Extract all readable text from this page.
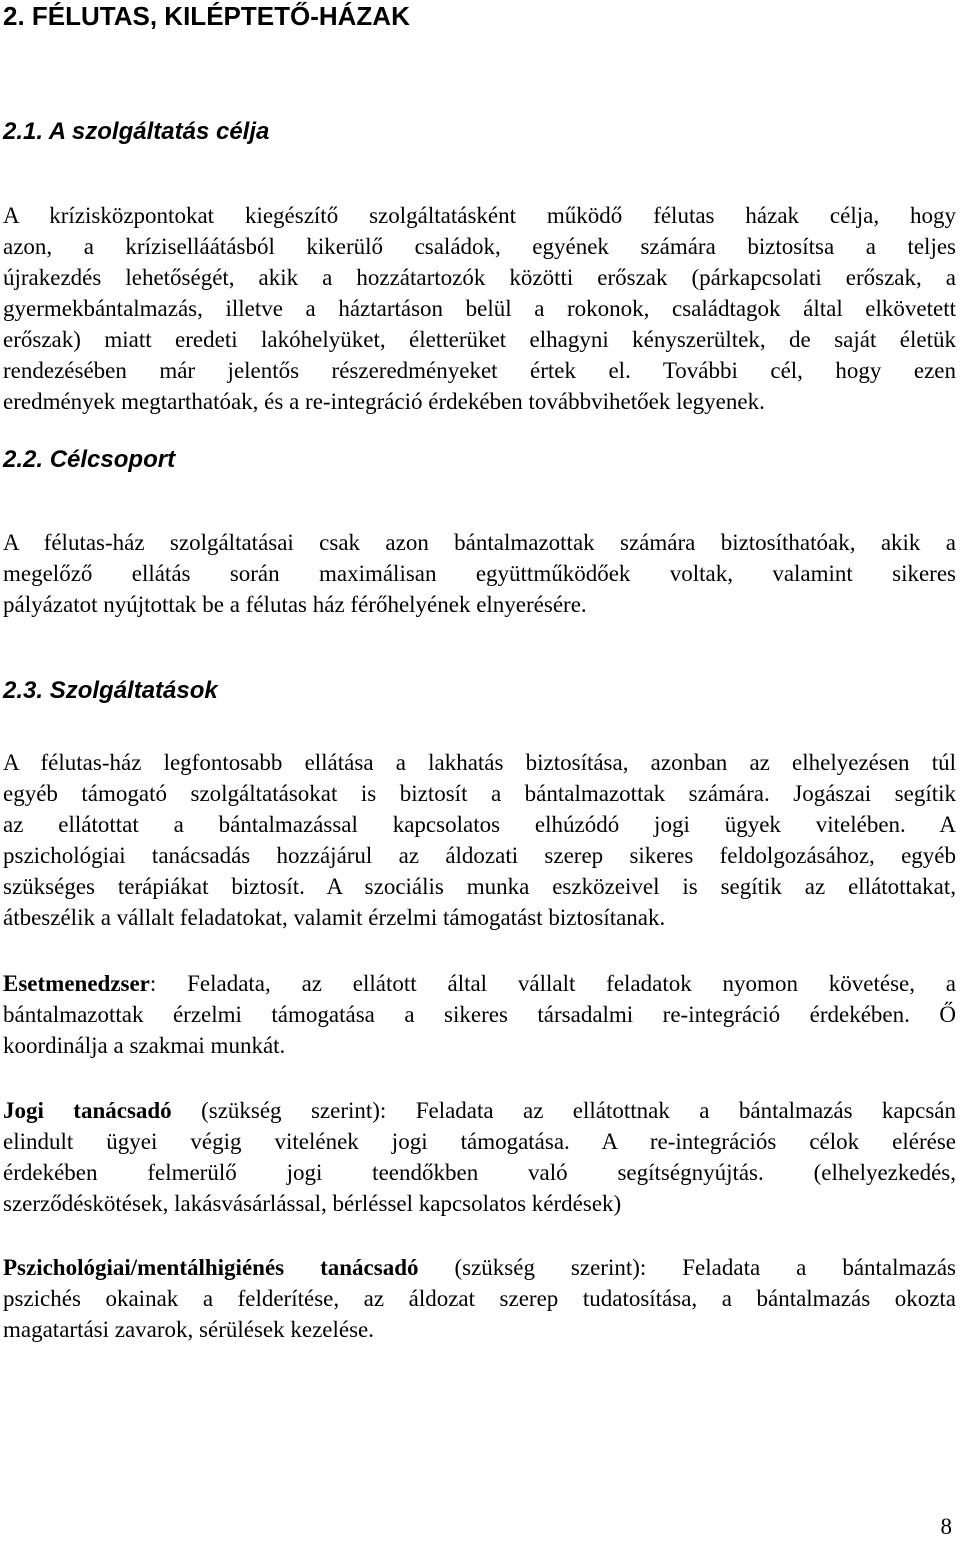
2. FÉLUTAS, KILÉPTETŐ-HÁZAK
2.1. A szolgáltatás célja
A krízisközpontokat kiegészítő szolgáltatásként működő félutas házak célja, hogy
azon, a kríziselláátásból kikerülő családok, egyének számára biztosítsa a teljes
újrakezdés lehetőségét, akik a hozzátartozók közötti erőszak (párkapcsolati erőszak, a
gyermekbántalmazás, illetve a háztartáson belül a rokonok, családtagok által elkövetett
erőszak) miatt eredeti lakóhelyüket, életterüket elhagyni kényszerültek, de saját életük
rendezésében már jelentős részeredményeket értek el. További cél, hogy ezen
eredmények megtarthatóak, és a re-integráció érdekében továbbvihetőek legyenek.
2.2. Célcsoport
A félutas-ház szolgáltatásai csak azon bántalmazottak számára biztosíthatóak, akik a
megelőző ellátás során maximálisan együttműködőek voltak, valamint sikeres
pályázatot nyújtottak be a félutas ház férőhelyének elnyerésére.
2.3. Szolgáltatások
A félutas-ház legfontosabb ellátása a lakhatás biztosítása, azonban az elhelyezésen túl
egyéb támogató szolgáltatásokat is biztosít a bántalmazottak számára. Jogászai segítik
az ellátottat a bántalmazással kapcsolatos elhúzódó jogi ügyek vitelében. A
pszichológiai tanácsadás hozzájárul az áldozati szerep sikeres feldolgozásához, egyéb
szükséges terápiákat biztosít. A szociális munka eszközeivel is segítik az ellátottakat,
átbeszélik a vállalt feladatokat, valamit érzelmi támogatást biztosítanak.
Esetmenedzser: Feladata, az ellátott által vállalt feladatok nyomon követése, a
bántalmazottak érzelmi támogatása a sikeres társadalmi re-integráció érdekében. Ő
koordinálja a szakmai munkát.
Jogi tanácsadó (szükség szerint): Feladata az ellátottnak a bántalmazás kapcsán
elindult ügyei végig vitelének jogi támogatása. A re-integrációs célok elérése
érdekében felmerülő jogi teendőkben való segítségnyújtás. (elhelyezkedés,
szerződéskötések, lakásvásárlással, bérléssel kapcsolatos kérdések)
Pszichológiai/mentálhigiénés tanácsadó (szükség szerint): Feladata a bántalmazás
pszichés okainak a felderítése, az áldozat szerep tudatosítása, a bántalmazás okozta
magatartási zavarok, sérülések kezelése.
8
